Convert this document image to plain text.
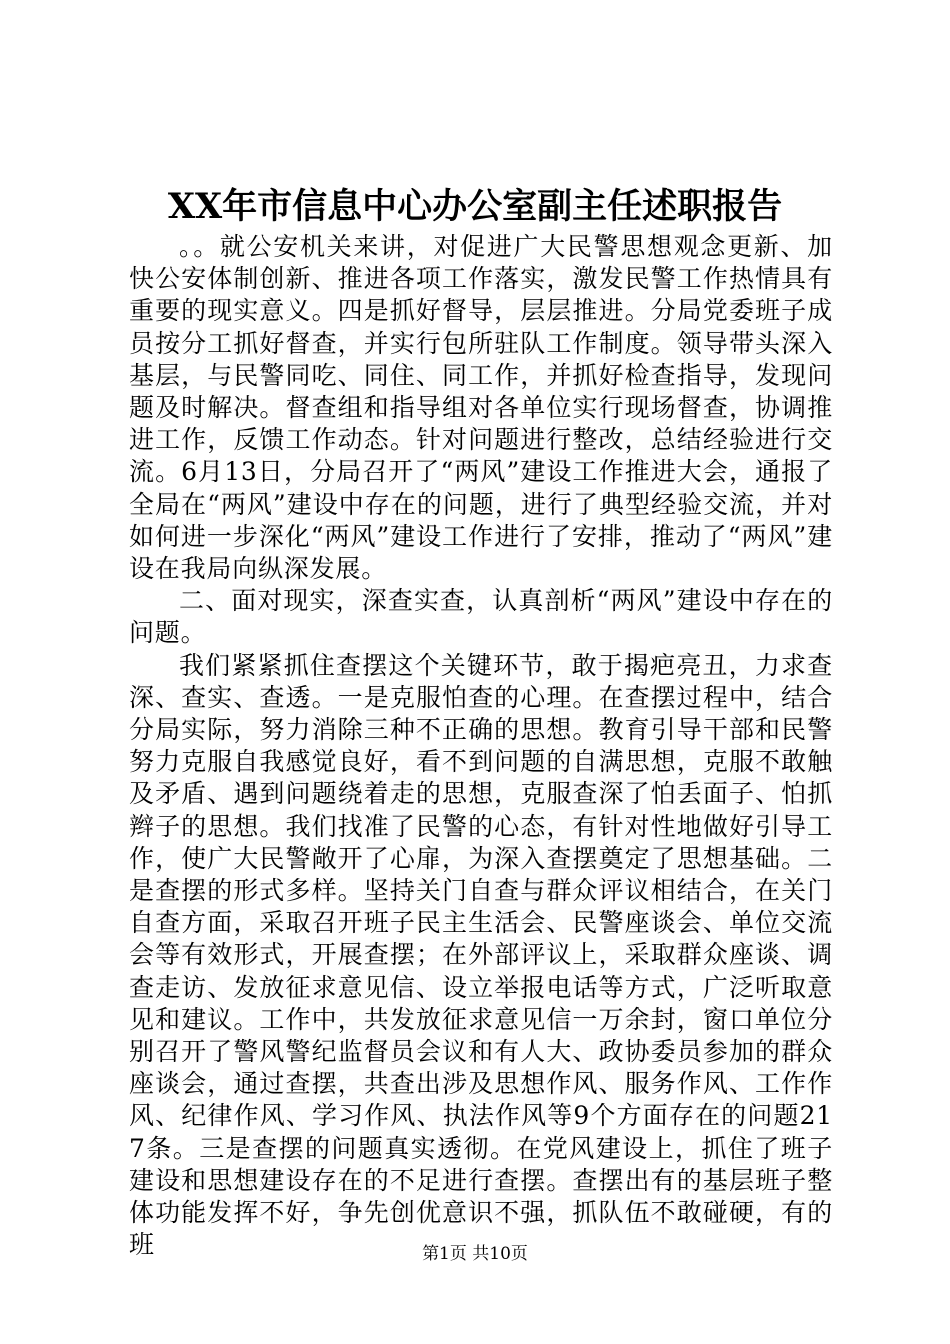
XX年市信息中心办公室副主任述职报告

。。就公安机关来讲，对促进广大民警思想观念更新、加快公安体制创新、推进各项工作落实，激发民警工作热情具有重要的现实意义。四是抓好督导，层层推进。分局党委班子成员按分工抓好督查，并实行包所驻队工作制度。领导带头深入基层，与民警同吃、同住、同工作，并抓好检查指导，发现问题及时解决。督查组和指导组对各单位实行现场督查，协调推进工作，反馈工作动态。针对问题进行整改，总结经验进行交流。6月13日，分局召开了“两风”建设工作推进大会，通报了全局在“两风”建设中存在的问题，进行了典型经验交流，并对如何进一步深化“两风”建设工作进行了安排，推动了“两风”建设在我局向纵深发展。

二、面对现实，深查实查，认真剖析“两风”建设中存在的问题。

我们紧紧抓住查摆这个关键环节，敢于揭疤亮丑，力求查深、查实、查透。一是克服怕查的心理。在查摆过程中，结合分局实际，努力消除三种不正确的思想。教育引导干部和民警努力克服自我感觉良好，看不到问题的自满思想，克服不敢触及矛盾、遇到问题绕着走的思想，克服查深了怕丢面子、怕抓辫子的思想。我们找准了民警的心态，有针对性地做好引导工作，使广大民警敞开了心扉，为深入查摆奠定了思想基础。二是查摆的形式多样。坚持关门自查与群众评议相结合，在关门自查方面，采取召开班子民主生活会、民警座谈会、单位交流会等有效形式，开展查摆；在外部评议上，采取群众座谈、调查走访、发放征求意见信、设立举报电话等方式，广泛听取意见和建议。工作中，共发放征求意见信一万余封，窗口单位分别召开了警风警纪监督员会议和有人大、政协委员参加的群众座谈会，通过查摆，共查出涉及思想作风、服务作风、工作作风、纪律作风、学习作风、执法作风等9个方面存在的问题217条。三是查摆的问题真实透彻。在党风建设上，抓住了班子建设和思想建设存在的不足进行查摆。查摆出有的基层班子整体功能发挥不好，争先创优意识不强，抓队伍不敢碰硬，有的班	第1页 共10页
